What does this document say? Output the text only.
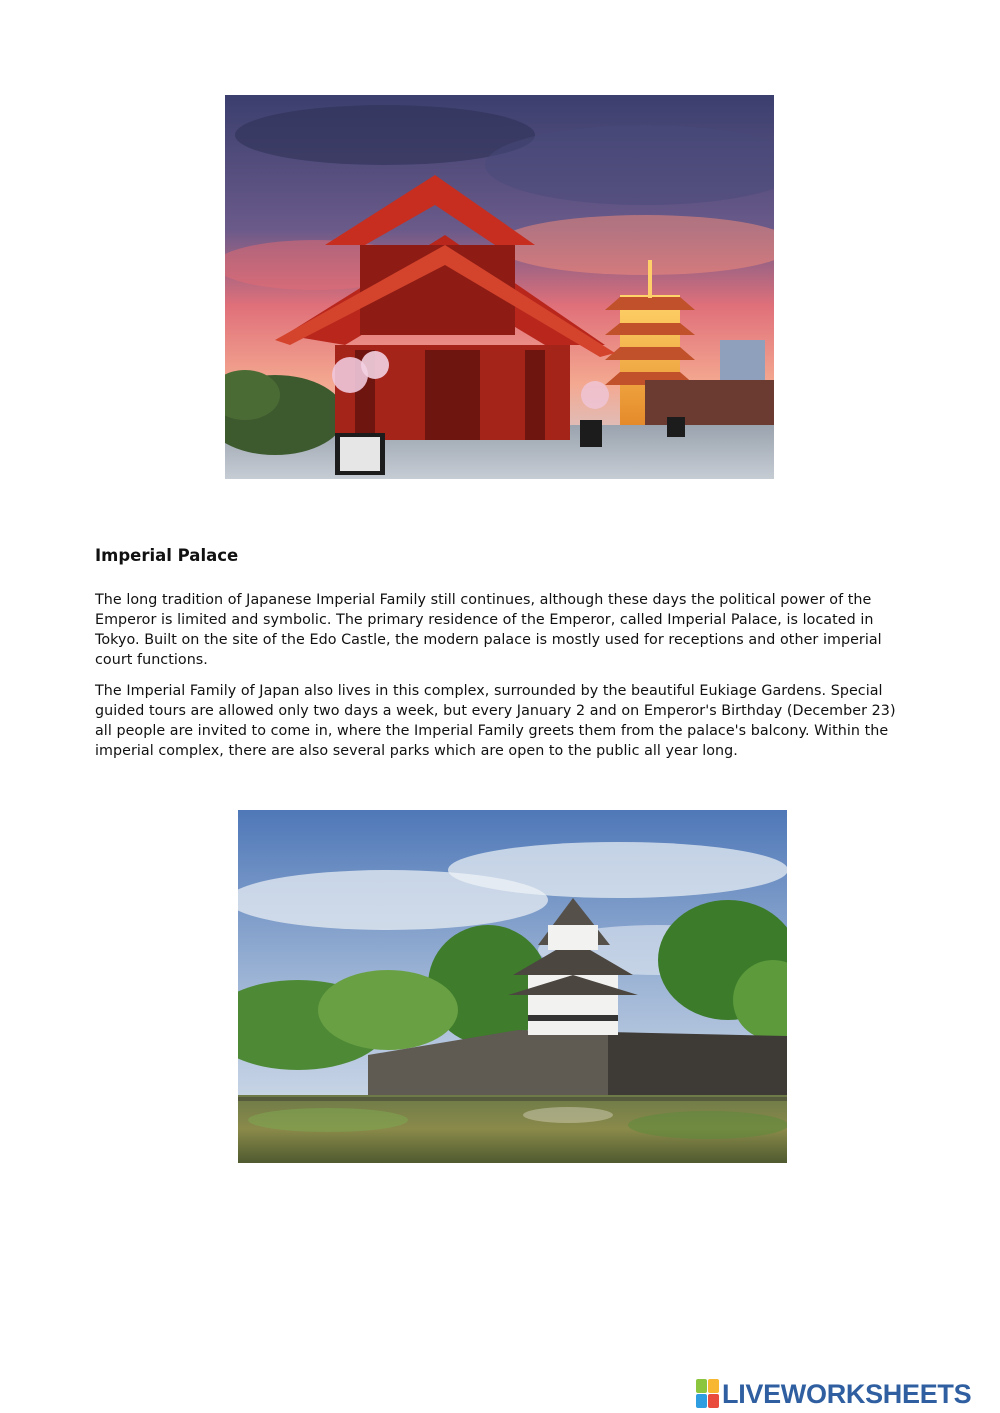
Imperial Palace

The long tradition of Japanese Imperial Family still continues, although these days the political power of the Emperor is limited and symbolic. The primary residence of the Emperor, called Imperial Palace, is located in Tokyo. Built on the site of the Edo Castle, the modern palace is mostly used for receptions and other imperial court functions.

The Imperial Family of Japan also lives in this complex, surrounded by the beautiful Eukiage Gardens. Special guided tours are allowed only two days a week, but every January 2 and on Emperor's Birthday (December 23) all people are invited to come in, where the Imperial Family greets them from the palace's balcony. Within the imperial complex, there are also several parks which are open to the public all year long.

LIVEWORKSHEETS
